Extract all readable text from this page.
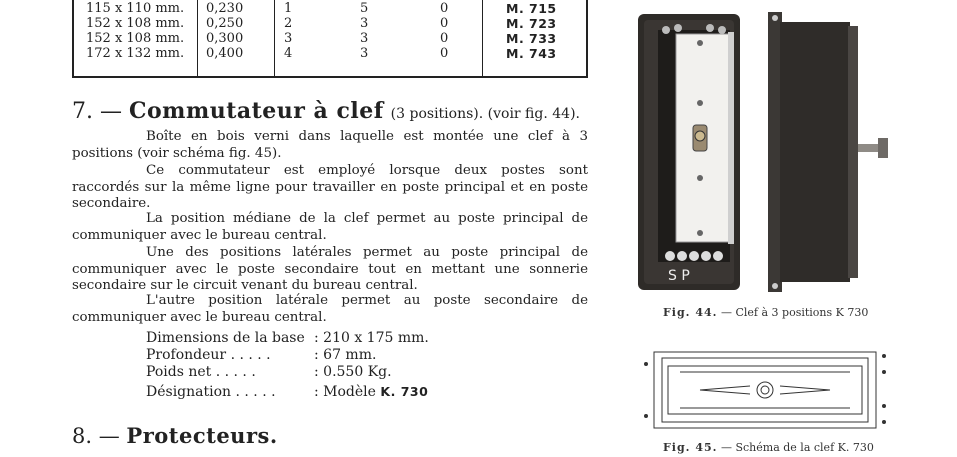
115 x 110 mm. 0,230	1	5	0	M. 715
152 x 108 mm. 0,250	2	3	0	M. 723
152 x 108 mm. 0,300	3	3	0	M. 733
172 x 132 mm. 0,400	4	3	0	M. 743
7. — Commutateur à clef (3 positions). (voir fig. 44).
Boîte en bois verni dans laquelle est montée une clef à 3 positions (voir schéma fig. 45).
Ce commutateur est employé lorsque deux postes sont raccordés sur la même ligne pour travailler en poste principal et en poste secondaire.
La position médiane de la clef permet au poste principal de communiquer avec le bureau central.
Une des positions latérales permet au poste principal de communiquer avec le poste secondaire tout en mettant une sonnerie secondaire sur le circuit venant du bureau central.
L'autre position latérale permet au poste secondaire de communiquer avec le bureau central.
Dimensions de la base : 210 x 175 mm.
Profondeur . . . . .	: 67 mm.
Poids net . . . . .	: 0.550 Kg.
Désignation . . . . .	: Modèle K. 730
8. — Protecteurs.
S P
Fig. 44. — Clef à 3 positions K 730
Fig. 45. — Schéma de la clef K. 730
